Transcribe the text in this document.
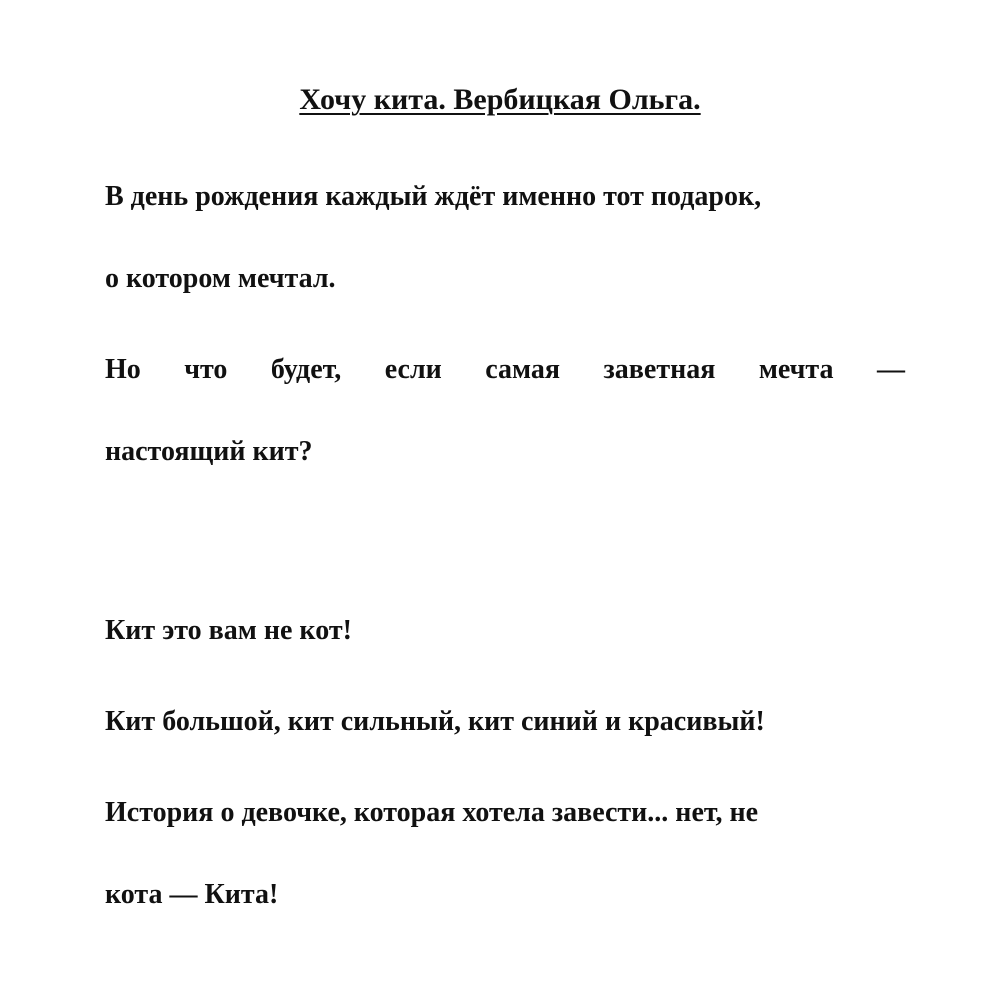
Хочу кита. Вербицкая Ольга.

В день рождения каждый ждёт именно тот подарок,

о котором мечтал.

Но что будет, если самая заветная мечта —

настоящий кит?

Кит это вам не кот!

Кит большой, кит сильный, кит синий и красивый!

История о девочке, которая хотела завести... нет, не

кота — Кита!
